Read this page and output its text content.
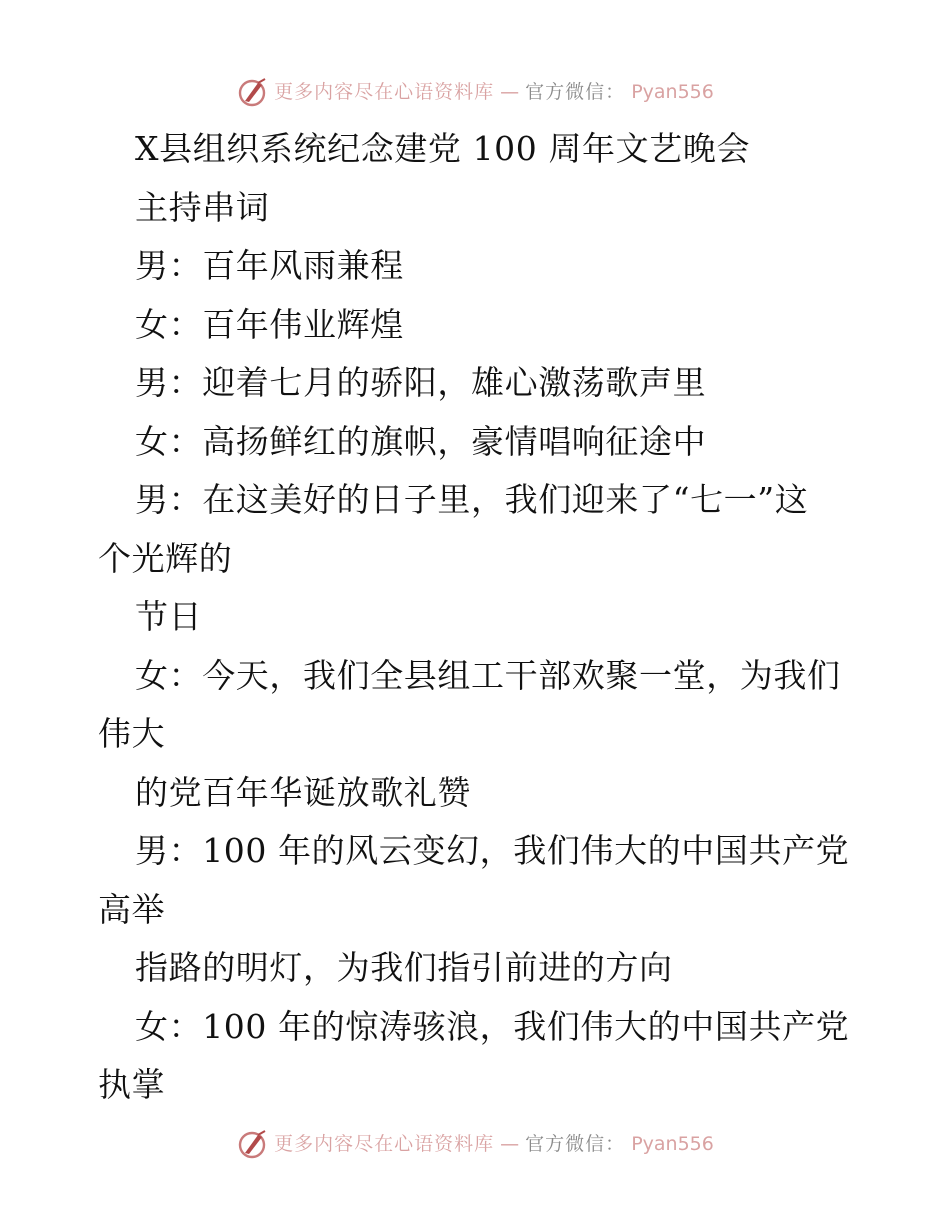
更多内容尽在心语资料库 — 官方微信： Pyan556
X县组织系统纪念建党 100 周年文艺晚会
主持串词
男：百年风雨兼程
女：百年伟业辉煌
男：迎着七月的骄阳，雄心激荡歌声里
女：高扬鲜红的旗帜，豪情唱响征途中
男：在这美好的日子里，我们迎来了“七一”这
个光辉的
节日
女：今天，我们全县组工干部欢聚一堂，为我们
伟大
的党百年华诞放歌礼赞
男：100 年的风云变幻，我们伟大的中国共产党
高举
指路的明灯，为我们指引前进的方向
女：100 年的惊涛骇浪，我们伟大的中国共产党
执掌
更多内容尽在心语资料库 — 官方微信： Pyan556
